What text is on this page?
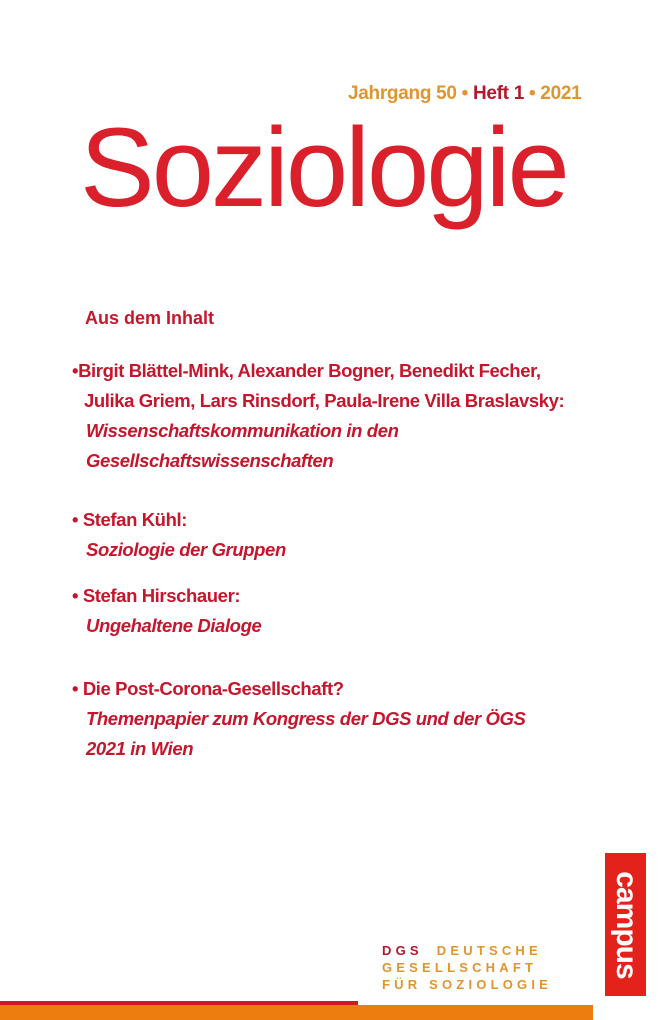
Jahrgang 50 • Heft 1 • 2021
Soziologie
Aus dem Inhalt
•Birgit Blättel-Mink, Alexander Bogner, Benedikt Fecher,
Julika Griem, Lars Rinsdorf, Paula-Irene Villa Braslavsky:
Wissenschaftskommunikation in den
Gesellschaftswissenschaften
• Stefan Kühl:
Soziologie der Gruppen
• Stefan Hirschauer:
Ungehaltene Dialoge
• Die Post-Corona-Gesellschaft?
Themenpapier zum Kongress der DGS und der ÖGS
2021 in Wien
DGS DEUTSCHE
GESELLSCHAFT
FÜR SOZIOLOGIE
campus
